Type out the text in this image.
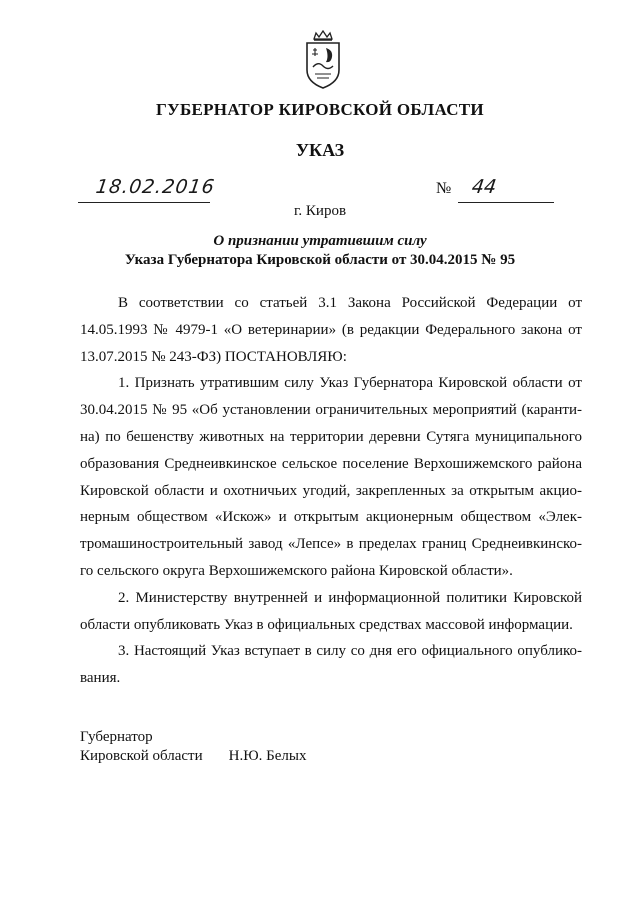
ГУБЕРНАТОР КИРОВСКОЙ ОБЛАСТИ
УКАЗ
18.02.2016	№ 44
г. Киров
О признании утратившим силу
Указа Губернатора Кировской области от 30.04.2015 № 95
В соответствии со статьей 3.1 Закона Российской Федерации от
14.05.1993 № 4979-1 «О ветеринарии» (в редакции Федерального закона от
13.07.2015 № 243-ФЗ) ПОСТАНОВЛЯЮ:
1. Признать утратившим силу Указ Губернатора Кировской области от
30.04.2015 № 95 «Об установлении ограничительных мероприятий (каранти-
на) по бешенству животных на территории деревни Сутяга муниципального
образования Среднеивкинское сельское поселение Верхошижемского района
Кировской области и охотничьих угодий, закрепленных за открытым акцио-
нерным обществом «Искож» и открытым акционерным обществом «Элек-
тромашиностроительный завод «Лепсе» в пределах границ Среднеивкинско-
го сельского округа Верхошижемского района Кировской области».
2. Министерству внутренней и информационной политики Кировской
области опубликовать Указ в официальных средствах массовой информации.
3. Настоящий Указ вступает в силу со дня его официального опублико-
вания.
Губернатор
Кировской области Н.Ю. Белых
